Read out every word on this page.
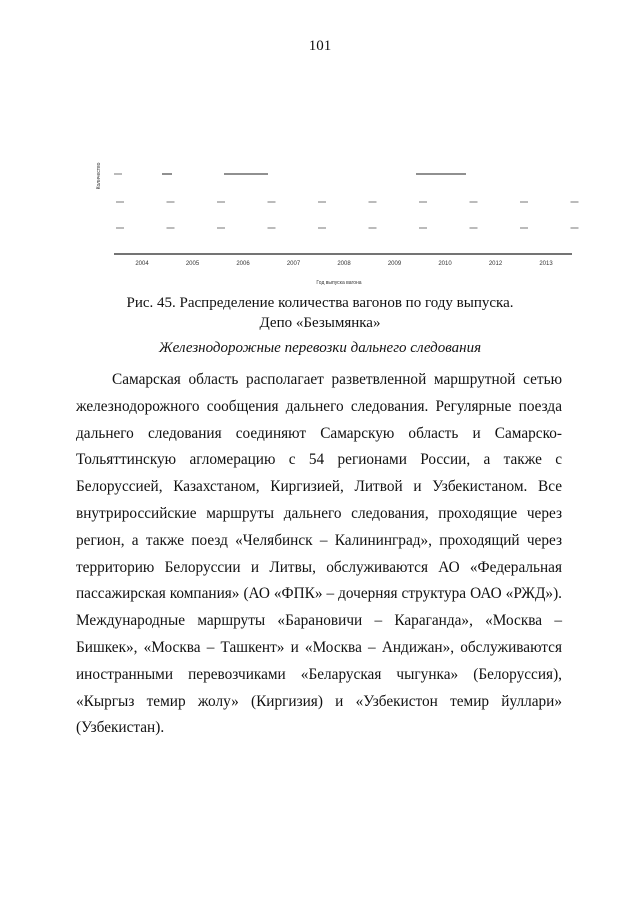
101
Количество
2004	2005	2006	2007	2008	2009	2010	2012	2013
Год выпуска вагона
Рис. 45. Распределение количества вагонов по году выпуска.
Депо «Безымянка»
Железнодорожные перевозки дальнего следования

Самарская область располагает разветвленной маршрутной сетью железнодорожного сообщения дальнего следования. Регулярные поезда дальнего следования соединяют Самарскую область и Самарско-Тольяттинскую агломерацию с 54 регионами России, а также с Белоруссией, Казахстаном, Киргизией, Литвой и Узбекистаном. Все внутрироссийские маршруты дальнего следования, проходящие через регион, а также поезд «Челябинск – Калининград», проходящий через территорию Белоруссии и Литвы, обслуживаются АО «Федеральная пассажирская компания» (АО «ФПК» – дочерняя структура ОАО «РЖД»). Международные маршруты «Барановичи – Караганда», «Москва – Бишкек», «Москва – Ташкент» и «Москва – Андижан», обслуживаются иностранными перевозчиками «Беларуская чыгунка» (Белоруссия), «Кыргыз темир жолу» (Киргизия) и «Узбекистон темир йуллари» (Узбекистан).
